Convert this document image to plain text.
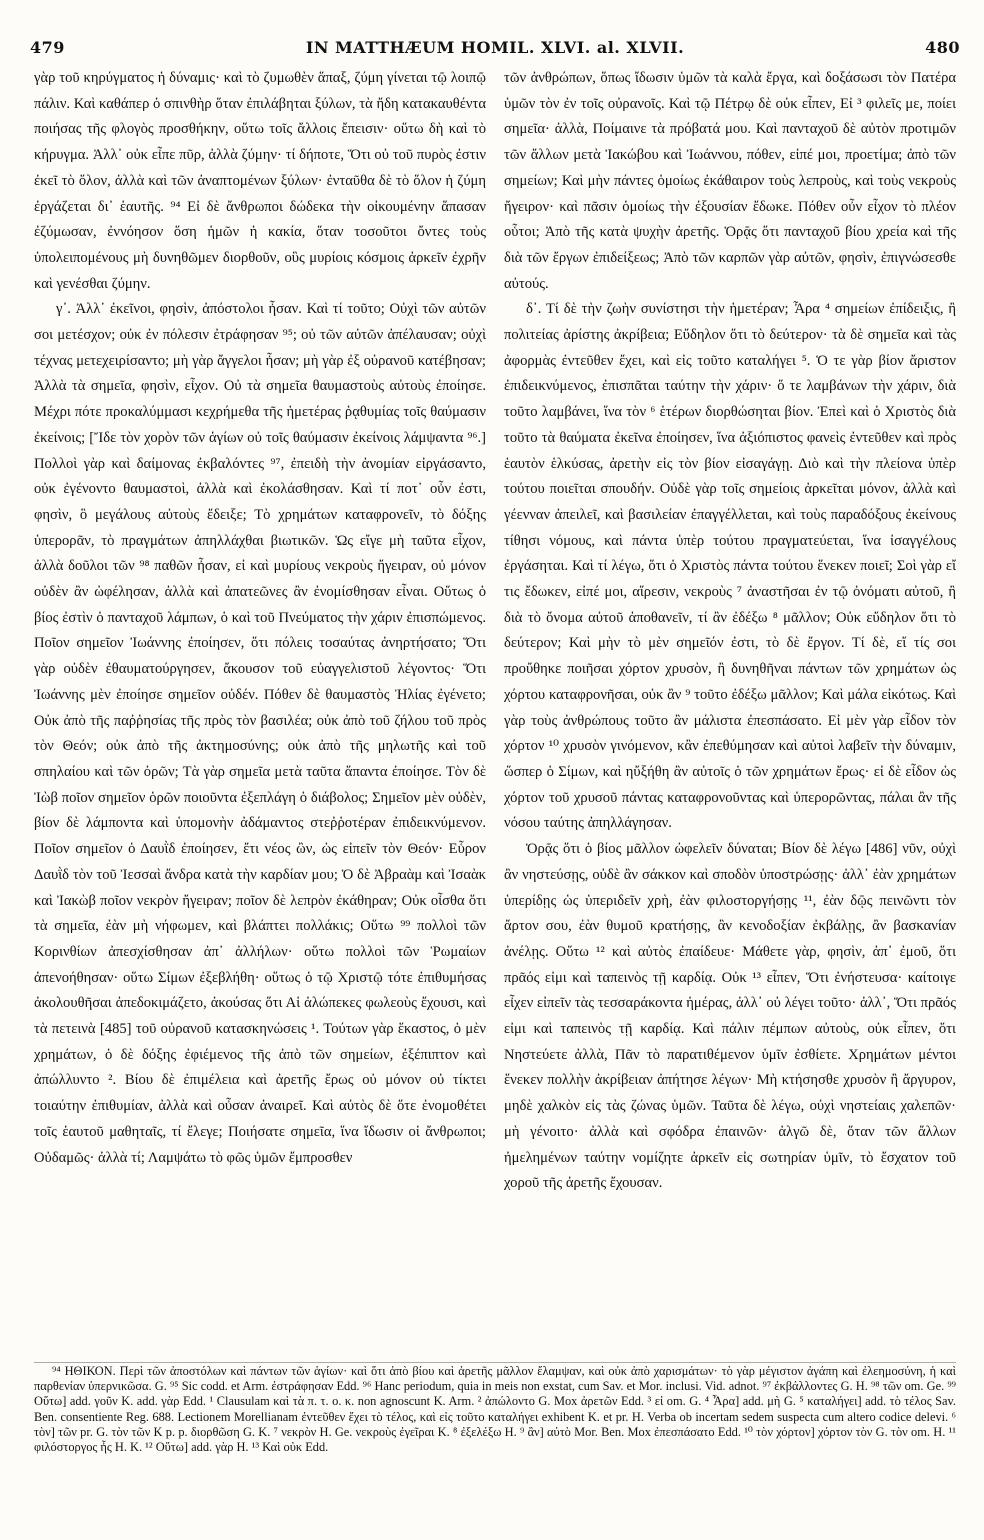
479	IN MATTHÆUM HOMIL. XLVI. al. XLVII.	480

γὰρ τοῦ κηρύγματος ἡ δύναμις· καὶ τὸ ζυμωθὲν ἅπαξ, ζύμη γίνεται τῷ λοιπῷ πάλιν. Καὶ καθάπερ ὁ σπινθὴρ ὅταν ἐπιλάβηται ξύλων, τὰ ἤδη κατακαυθέντα ποιήσας τῆς φλογὸς προσθήκην, οὕτω τοῖς ἄλλοις ἔπεισιν· οὕτω δὴ καὶ τὸ κήρυγμα. Ἀλλ᾽ οὐκ εἶπε πῦρ, ἀλλὰ ζύμην· τί δήποτε, Ὅτι οὐ τοῦ πυρὸς ἐστιν ἐκεῖ τὸ ὅλον, ἀλλὰ καὶ τῶν ἀναπτομένων ξύλων· ἐνταῦθα δὲ τὸ ὅλον ἡ ζύμη ἐργάζεται δι᾽ ἑαυτῆς. ⁹⁴ Εἰ δὲ ἄνθρωποι δώδεκα τὴν οἰκουμένην ἅπασαν ἐζύμωσαν, ἐννόησον ὅση ἡμῶν ἡ κακία, ὅταν τοσοῦτοι ὄντες τοὺς ὑπολειπομένους μὴ δυνηθῶμεν διορθοῦν, οὓς μυρίοις κόσμοις ἀρκεῖν ἐχρῆν καὶ γενέσθαι ζύμην.

γ᾽. Ἀλλ᾽ ἐκεῖνοι, φησὶν, ἀπόστολοι ἦσαν. Καὶ τί τοῦτο; Οὐχὶ τῶν αὐτῶν σοι μετέσχον; οὐκ ἐν πόλεσιν ἐτράφησαν ⁹⁵; οὐ τῶν αὐτῶν ἀπέλαυσαν; οὐχὶ τέχνας μετεχειρίσαντο; μὴ γὰρ ἄγγελοι ἦσαν; μὴ γὰρ ἐξ οὐρανοῦ κατέβησαν; Ἀλλὰ τὰ σημεῖα, φησὶν, εἶχον. Οὐ τὰ σημεῖα θαυμαστοὺς αὐτοὺς ἐποίησε. Μέχρι πότε προκαλύμμασι κεχρήμεθα τῆς ἡμετέρας ῥᾳθυμίας τοῖς θαύμασιν ἐκείνοις; [Ἴδε τὸν χορὸν τῶν ἁγίων οὐ τοῖς θαύμασιν ἐκείνοις λάμψαντα ⁹⁶.] Πολλοὶ γὰρ καὶ δαίμονας ἐκβαλόντες ⁹⁷, ἐπειδὴ τὴν ἀνομίαν εἰργάσαντο, οὐκ ἐγένοντο θαυμαστοὶ, ἀλλὰ καὶ ἐκολάσθησαν. Καὶ τί ποτ᾽ οὖν ἐστι, φησὶν, ὃ μεγάλους αὐτοὺς ἔδειξε; Τὸ χρημάτων καταφρονεῖν, τὸ δόξης ὑπερορᾶν, τὸ πραγμάτων ἀπηλλάχθαι βιωτικῶν. Ὡς εἴγε μὴ ταῦτα εἶχον, ἀλλὰ δοῦλοι τῶν ⁹⁸ παθῶν ἦσαν, εἰ καὶ μυρίους νεκροὺς ἤγειραν, οὐ μόνον οὐδὲν ἂν ὠφέλησαν, ἀλλὰ καὶ ἀπατεῶνες ἂν ἐνομίσθησαν εἶναι. Οὕτως ὁ βίος ἐστὶν ὁ πανταχοῦ λάμπων, ὁ καὶ τοῦ Πνεύματος τὴν χάριν ἐπισπώμενος. Ποῖον σημεῖον Ἰωάννης ἐποίησεν, ὅτι πόλεις τοσαύτας ἀνηρτήσατο; Ὅτι γὰρ οὐδὲν ἐθαυματούργησεν, ἄκουσον τοῦ εὐαγγελιστοῦ λέγοντος· Ὅτι Ἰωάννης μὲν ἐποίησε σημεῖον οὐδέν. Πόθεν δὲ θαυμαστὸς Ἠλίας ἐγένετο; Οὐκ ἀπὸ τῆς παῤῥησίας τῆς πρὸς τὸν βασιλέα; οὐκ ἀπὸ τοῦ ζήλου τοῦ πρὸς τὸν Θεόν; οὐκ ἀπὸ τῆς ἀκτημοσύνης; οὐκ ἀπὸ τῆς μηλωτῆς καὶ τοῦ σπηλαίου καὶ τῶν ὀρῶν; Τὰ γὰρ σημεῖα μετὰ ταῦτα ἅπαντα ἐποίησε. Τὸν δὲ Ἰὼβ ποῖον σημεῖον ὁρῶν ποιοῦντα ἐξεπλάγη ὁ διάβολος; Σημεῖον μὲν οὐδὲν, βίον δὲ λάμποντα καὶ ὑπομονὴν ἀδάμαντος στεῤῥοτέραν ἐπιδεικνύμενον. Ποῖον σημεῖον ὁ Δαυῒδ ἐποίησεν, ἔτι νέος ὢν, ὡς εἰπεῖν τὸν Θεόν· Εὗρον Δαυῒδ τὸν τοῦ Ἰεσσαὶ ἄνδρα κατὰ τὴν καρδίαν μου; Ὁ δὲ Ἀβραὰμ καὶ Ἰσαὰκ καὶ Ἰακὼβ ποῖον νεκρὸν ἤγειραν; ποῖον δὲ λεπρὸν ἐκάθηραν; Οὐκ οἶσθα ὅτι τὰ σημεῖα, ἐὰν μὴ νήφωμεν, καὶ βλάπτει πολλάκις; Οὕτω ⁹⁹ πολλοὶ τῶν Κορινθίων ἀπεσχίσθησαν ἀπ᾽ ἀλλήλων· οὕτω πολλοὶ τῶν Ῥωμαίων ἀπενοήθησαν· οὕτω Σίμων ἐξεβλήθη· οὕτως ὁ τῷ Χριστῷ τότε ἐπιθυμήσας ἀκολουθῆσαι ἀπεδοκιμάζετο, ἀκούσας ὅτι Αἱ ἀλώπεκες φωλεοὺς ἔχουσι, καὶ τὰ πετεινὰ [485] τοῦ οὐρανοῦ κατασκηνώσεις ¹. Τούτων γὰρ ἕκαστος, ὁ μὲν χρημάτων, ὁ δὲ δόξης ἐφιέμενος τῆς ἀπὸ τῶν σημείων, ἐξέπιπτον καὶ ἀπώλλυντο ². Βίου δὲ ἐπιμέλεια καὶ ἀρετῆς ἔρως οὐ μόνον οὐ τίκτει τοιαύτην ἐπιθυμίαν, ἀλλὰ καὶ οὖσαν ἀναιρεῖ. Καὶ αὐτὸς δὲ ὅτε ἐνομοθέτει τοῖς ἑαυτοῦ μαθηταῖς, τί ἔλεγε; Ποιήσατε σημεῖα, ἵνα ἴδωσιν οἱ ἄνθρωποι; Οὐδαμῶς· ἀλλὰ τί; Λαμψάτω τὸ φῶς ὑμῶν ἔμπροσθεν

τῶν ἀνθρώπων, ὅπως ἴδωσιν ὑμῶν τὰ καλὰ ἔργα, καὶ δοξάσωσι τὸν Πατέρα ὑμῶν τὸν ἐν τοῖς οὐρανοῖς. Καὶ τῷ Πέτρῳ δὲ οὐκ εἶπεν, Εἰ ³ φιλεῖς με, ποίει σημεῖα· ἀλλὰ, Ποίμαινε τὰ πρόβατά μου. Καὶ πανταχοῦ δὲ αὐτὸν προτιμῶν τῶν ἄλλων μετὰ Ἰακώβου καὶ Ἰωάννου, πόθεν, εἰπέ μοι, προετίμα; ἀπὸ τῶν σημείων; Καὶ μὴν πάντες ὁμοίως ἐκάθαιρον τοὺς λεπροὺς, καὶ τοὺς νεκροὺς ἤγειρον· καὶ πᾶσιν ὁμοίως τὴν ἐξουσίαν ἔδωκε. Πόθεν οὖν εἶχον τὸ πλέον οὗτοι; Ἀπὸ τῆς κατὰ ψυχὴν ἀρετῆς. Ὁρᾷς ὅτι πανταχοῦ βίου χρεία καὶ τῆς διὰ τῶν ἔργων ἐπιδείξεως; Ἀπὸ τῶν καρπῶν γὰρ αὐτῶν, φησὶν, ἐπιγνώσεσθε αὐτούς.

δ᾽. Τί δὲ τὴν ζωὴν συνίστησι τὴν ἡμετέραν; Ἆρα ⁴ σημείων ἐπίδειξις, ἢ πολιτείας ἀρίστης ἀκρίβεια; Εὔδηλον ὅτι τὸ δεύτερον· τὰ δὲ σημεῖα καὶ τὰς ἀφορμὰς ἐντεῦθεν ἔχει, καὶ εἰς τοῦτο καταλήγει ⁵. Ὁ τε γὰρ βίον ἄριστον ἐπιδεικνύμενος, ἐπισπᾶται ταύτην τὴν χάριν· ὅ τε λαμβάνων τὴν χάριν, διὰ τοῦτο λαμβάνει, ἵνα τὸν ⁶ ἑτέρων διορθώσηται βίον. Ἐπεὶ καὶ ὁ Χριστὸς διὰ τοῦτο τὰ θαύματα ἐκεῖνα ἐποίησεν, ἵνα ἀξιόπιστος φανεὶς ἐντεῦθεν καὶ πρὸς ἑαυτὸν ἑλκύσας, ἀρετὴν εἰς τὸν βίον εἰσαγάγῃ. Διὸ καὶ τὴν πλείονα ὑπὲρ τούτου ποιεῖται σπουδήν. Οὐδὲ γὰρ τοῖς σημείοις ἀρκεῖται μόνον, ἀλλὰ καὶ γέενναν ἀπειλεῖ, καὶ βασιλείαν ἐπαγγέλλεται, καὶ τοὺς παραδόξους ἐκείνους τίθησι νόμους, καὶ πάντα ὑπὲρ τούτου πραγματεύεται, ἵνα ἰσαγγέλους ἐργάσηται. Καὶ τί λέγω, ὅτι ὁ Χριστὸς πάντα τούτου ἕνεκεν ποιεῖ; Σοὶ γὰρ εἴ τις ἔδωκεν, εἰπέ μοι, αἵρεσιν, νεκροὺς ⁷ ἀναστῆσαι ἐν τῷ ὀνόματι αὐτοῦ, ἢ διὰ τὸ ὄνομα αὐτοῦ ἀποθανεῖν, τί ἂν ἐδέξω ⁸ μᾶλλον; Οὐκ εὔδηλον ὅτι τὸ δεύτερον; Καὶ μὴν τὸ μὲν σημεῖόν ἐστι, τὸ δὲ ἔργον. Τί δὲ, εἴ τίς σοι προὔθηκε ποιῆσαι χόρτον χρυσὸν, ἢ δυνηθῆναι πάντων τῶν χρημάτων ὡς χόρτου καταφρονῆσαι, οὐκ ἂν ⁹ τοῦτο ἐδέξω μᾶλλον; Καὶ μάλα εἰκότως. Καὶ γὰρ τοὺς ἀνθρώπους τοῦτο ἂν μάλιστα ἐπεσπάσατο. Εἰ μὲν γὰρ εἶδον τὸν χόρτον ¹⁰ χρυσὸν γινόμενον, κἂν ἐπεθύμησαν καὶ αὐτοὶ λαβεῖν τὴν δύναμιν, ὥσπερ ὁ Σίμων, καὶ ηὔξήθη ἂν αὐτοῖς ὁ τῶν χρημάτων ἔρως· εἰ δὲ εἶδον ὡς χόρτον τοῦ χρυσοῦ πάντας καταφρονοῦντας καὶ ὑπερορῶντας, πάλαι ἂν τῆς νόσου ταύτης ἀπηλλάγησαν.

Ὁρᾷς ὅτι ὁ βίος μᾶλλον ὠφελεῖν δύναται; Βίον δὲ λέγω [486] νῦν, οὐχὶ ἂν νηστεύσῃς, οὐδὲ ἂν σάκκον καὶ σποδὸν ὑποστρώσῃς· ἀλλ᾽ ἐὰν χρημάτων ὑπερίδῃς ὡς ὑπεριδεῖν χρὴ, ἐὰν φιλοστοργήσῃς ¹¹, ἐὰν δῷς πεινῶντι τὸν ἄρτον σου, ἐὰν θυμοῦ κρατήσῃς, ἂν κενοδοξίαν ἐκβάλῃς, ἂν βασκανίαν ἀνέλῃς. Οὕτω ¹² καὶ αὐτὸς ἐπαίδευε· Μάθετε γὰρ, φησὶν, ἀπ᾽ ἐμοῦ, ὅτι πρᾶός εἰμι καὶ ταπεινὸς τῇ καρδίᾳ. Οὐκ ¹³ εἶπεν, Ὅτι ἐνήστευσα· καίτοιγε εἶχεν εἰπεῖν τὰς τεσσαράκοντα ἡμέρας, ἀλλ᾽ οὐ λέγει τοῦτο· ἀλλ᾽, Ὅτι πρᾶός εἰμι καὶ ταπεινὸς τῇ καρδίᾳ. Καὶ πάλιν πέμπων αὐτοὺς, οὐκ εἶπεν, ὅτι Νηστεύετε ἀλλὰ, Πᾶν τὸ παρατιθέμενον ὑμῖν ἐσθίετε. Χρημάτων μέντοι ἕνεκεν πολλὴν ἀκρίβειαν ἀπήτησε λέγων· Μὴ κτήσησθε χρυσὸν ἢ ἄργυρον, μηδὲ χαλκὸν εἰς τὰς ζώνας ὑμῶν. Ταῦτα δὲ λέγω, οὐχὶ νηστείαις χαλεπῶν· μὴ γένοιτο· ἀλλὰ καὶ σφόδρα ἐπαινῶν· ἀλγῶ δὲ, ὅταν τῶν ἄλλων ἠμελημένων ταύτην νομίζητε ἀρκεῖν εἰς σωτηρίαν ὑμῖν, τὸ ἔσχατον τοῦ χοροῦ τῆς ἀρετῆς ἔχουσαν.

⁹⁴ ΗΘΙΚΟΝ. Περὶ τῶν ἀποστόλων καὶ πάντων τῶν ἁγίων· καὶ ὅτι ἀπὸ βίου καὶ ἀρετῆς μᾶλλον ἔλαμψαν, καὶ οὐκ ἀπὸ χαρισμάτων· τὸ γὰρ μέγιστον ἀγάπη καὶ ἐλεημοσύνη, ἡ καὶ παρθενίαν ὑπερνικῶσα. G. ⁹⁵ Sic codd. et Arm. ἐστράφησαν Edd. ⁹⁶ Hanc periodum, quia in meis non exstat, cum Sav. et Mor. inclusi. Vid. adnot. ⁹⁷ ἐκβάλλοντες G. H. ⁹⁸ τῶν om. Ge. ⁹⁹ Οὕτω] add. γοῦν K. add. γὰρ Edd. ¹ Clausulam καὶ τὰ π. τ. ο. κ. non agnoscunt K. Arm. ² ἀπώλοντο G. Mox ἀρετῶν Edd. ³ εἰ om. G. ⁴ Ἆρα] add. μὴ G. ⁵ καταλήγει] add. τὸ τέλος Sav. Ben. consentiente Reg. 688. Lectionem Morellianam ἐντεῦθεν ἔχει τὸ τέλος, καὶ εἰς τοῦτο καταλήγει exhibent K. et pr. H. Verba ob incertam sedem suspecta cum altero codice delevi. ⁶ τὸν] τῶν pr. G. τὸν τῶν K p. p. διορθῶση G. K. ⁷ νεκρὸν H. Ge. νεκροὺς ἐγεῖραι K. ⁸ ἐξελέξω H. ⁹ ἂν] αὐτὸ Mor. Ben. Mox ἐπεσπάσατο Edd. ¹⁰ τὸν χόρτον] χόρτον τὸν G. τὸν om. H. ¹¹ φιλόστοργος ἦς H. K. ¹² Οὕτω] add. γὰρ H. ¹³ Καὶ οὐκ Edd.
